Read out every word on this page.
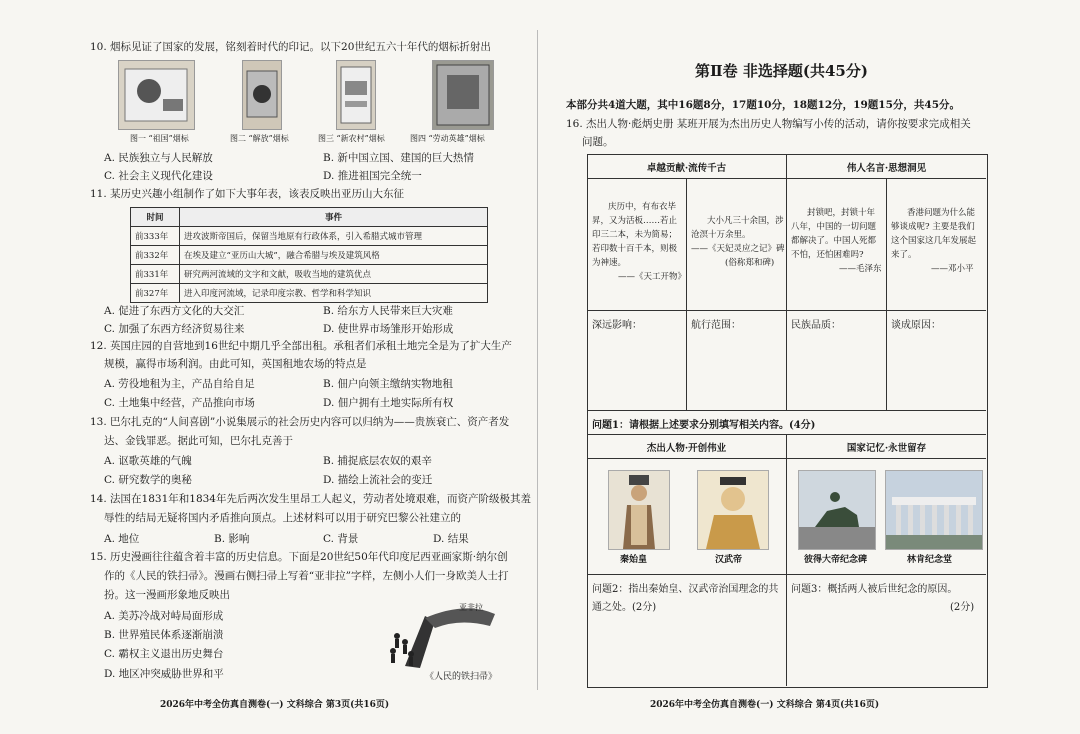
10. 烟标见证了国家的发展，铭刻着时代的印记。以下20世纪五六十年代的烟标折射出
图一 “祖国”烟标	图二 “解放”烟标	图三 “新农村”烟标	图四 “劳动英雄”烟标
A. 民族独立与人民解放	B. 新中国立国、建国的巨大热情
C. 社会主义现代化建设	D. 推进祖国完全统一
11. 某历史兴趣小组制作了如下大事年表，该表反映出亚历山大东征
时间	事件
前333年	进攻波斯帝国后，保留当地原有行政体系，引入希腊式城市管理
前332年	在埃及建立“亚历山大城”，融合希腊与埃及建筑风格
前331年	研究两河流域的文字和文献，吸收当地的建筑优点
前327年	进入印度河流域，记录印度宗教、哲学和科学知识
A. 促进了东西方文化的大交汇	B. 给东方人民带来巨大灾难
C. 加强了东西方经济贸易往来	D. 使世界市场雏形开始形成
12. 英国庄园的自营地到16世纪中期几乎全部出租。承租者们承租土地完全是为了扩大生产
规模，赢得市场利润。由此可知，英国租地农场的特点是
A. 劳役地租为主，产品自给自足	B. 佃户向领主缴纳实物地租
C. 土地集中经营，产品推向市场	D. 佃户拥有土地实际所有权
13. 巴尔扎克的“人间喜剧”小说集展示的社会历史内容可以归纳为——贵族衰亡、资产者发
达、金钱罪恶。据此可知，巴尔扎克善于
A. 讴歌英雄的气魄	B. 捕捉底层农奴的艰辛
C. 研究数学的奥秘	D. 描绘上流社会的变迁
14. 法国在1831年和1834年先后两次发生里昂工人起义，劳动者处境艰难，而资产阶级极其羞
辱性的结局无疑将国内矛盾推向顶点。上述材料可以用于研究巴黎公社建立的
A. 地位	B. 影响	C. 背景	D. 结果
15. 历史漫画往往蕴含着丰富的历史信息。下面是20世纪50年代印度尼西亚画家斯·纳尔创
作的《人民的铁扫帚》。漫画右侧扫帚上写着“亚非拉”字样，左侧小人们一身欧美人士打
扮。这一漫画形象地反映出
A. 美苏冷战对峙局面形成
B. 世界殖民体系逐渐崩溃
C. 霸权主义退出历史舞台
D. 地区冲突威胁世界和平
亚非拉
《人民的铁扫帚》
2026年中考全仿真自测卷(一) 文科综合 第3页(共16页)
第Ⅱ卷 非选择题(共45分)
本部分共4道大题，其中16题8分，17题10分，18题12分，19题15分，共45分。
16. 杰出人物·彪炳史册 某班开展为杰出历史人物编写小传的活动，请你按要求完成相关
问题。
卓越贡献·流传千古	伟人名言·思想洞见
庆历中，有布衣毕
昇，又为活板……若止
印三二本，未为简易；
若印数十百千本，则极
为神速。
——《天工开物》
大小凡三十余国，涉
沧溟十万余里。
——《天妃灵应之记》碑
(俗称郑和碑)
封锁吧，封锁十年
八年，中国的一切问题
都解决了。中国人死都
不怕，还怕困难吗?
——毛泽东
香港问题为什么能
够谈成呢? 主要是我们
这个国家这几年发展起
来了。
——邓小平
深远影响：	航行范围：	民族品质：	谈成原因：
问题1：请根据上述要求分别填写相关内容。(4分)
杰出人物·开创伟业	国家记忆·永世留存
秦始皇	汉武帝	彼得大帝纪念碑	林肯纪念堂
问题2：指出秦始皇、汉武帝治国理念的共
通之处。(2分)
问题3：概括两人被后世纪念的原因。
(2分)
2026年中考全仿真自测卷(一) 文科综合 第4页(共16页)
